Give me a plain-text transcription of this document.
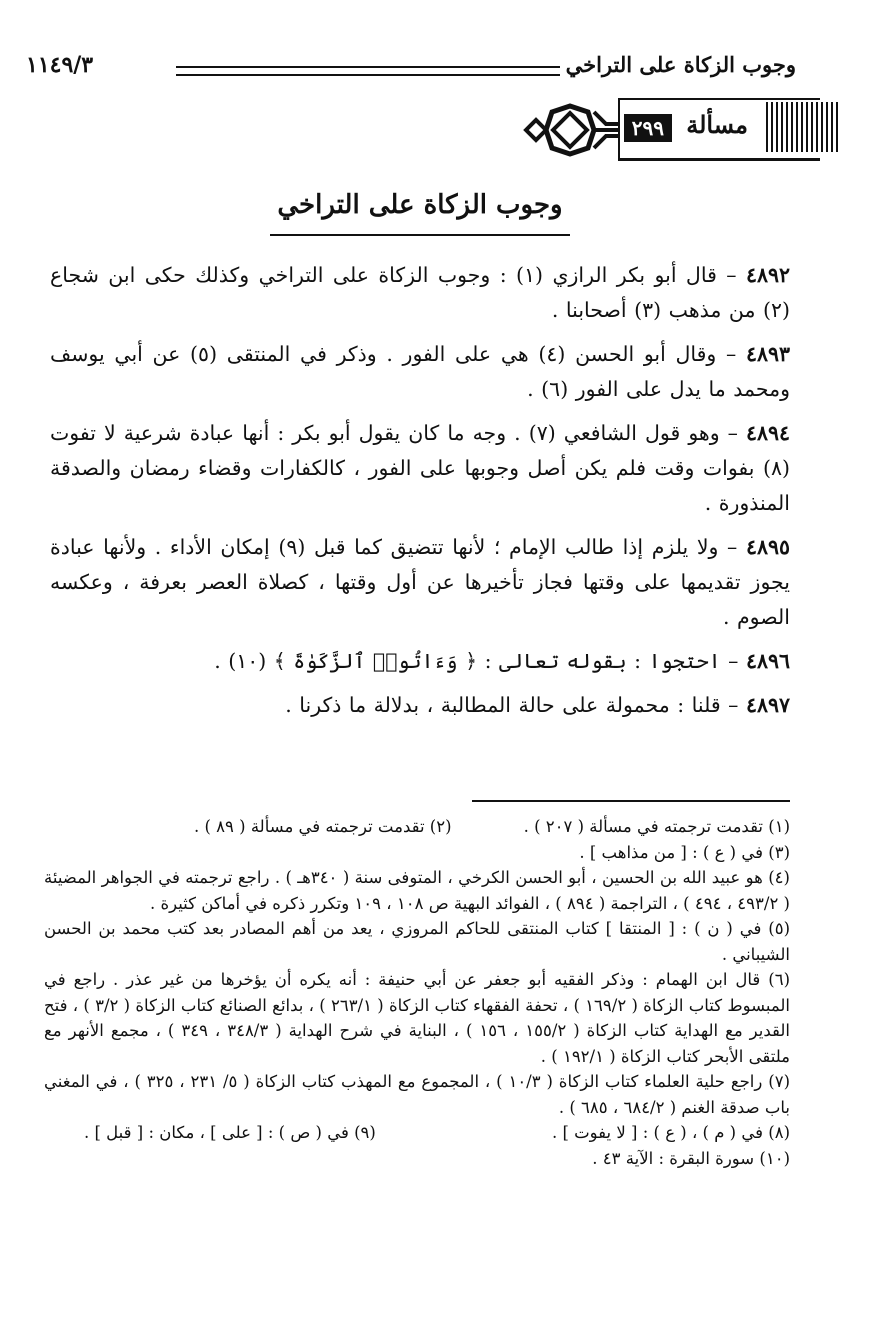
وجوب الزكاة على التراخي
١١٤٩/٣
مسألة
٢٩٩
وجوب الزكاة على التراخي

٤٨٩٢ – قال أبو بكر الرازي (١) : وجوب الزكاة على التراخي وكذلك حكى ابن شجاع (٢) من مذهب (٣) أصحابنا .

٤٨٩٣ – وقال أبو الحسن (٤) هي على الفور . وذكر في المنتقى (٥) عن أبي يوسف ومحمد ما يدل على الفور (٦) .

٤٨٩٤ – وهو قول الشافعي (٧) . وجه ما كان يقول أبو بكر : أنها عبادة شرعية لا تفوت (٨) بفوات وقت فلم يكن أصل وجوبها على الفور ، كالكفارات وقضاء رمضان والصدقة المنذورة .

٤٨٩٥ – ولا يلزم إذا طالب الإمام ؛ لأنها تتضيق كما قبل (٩) إمكان الأداء . ولأنها عبادة يجوز تقديمها على وقتها فجاز تأخيرها عن أول وقتها ، كصلاة العصر بعرفة ، وعكسه الصوم .

٤٨٩٦ – احتجوا : بقوله تعالى : ﴿ وَءَاتُوا۟ ٱلزَّكَوٰةَ ﴾ (١٠) .

٤٨٩٧ – قلنا : محمولة على حالة المطالبة ، بدلالة ما ذكرنا .

(١) تقدمت ترجمته في مسألة ( ٢٠٧ ) .

(٢) تقدمت ترجمته في مسألة ( ٨٩ ) .

(٣) في ( ع ) : [ من مذاهب ] .

(٤) هو عبيد الله بن الحسين ، أبو الحسن الكرخي ، المتوفى سنة ( ٣٤٠هـ ) . راجع ترجمته في الجواهر المضيئة ( ٤٩٣/٢ ، ٤٩٤ ) ، التراجمة ( ٨٩٤ ) ، الفوائد البهية ص ١٠٨ ، ١٠٩ وتكرر ذكره في أماكن كثيرة .

(٥) في ( ن ) : [ المنتقا ] كتاب المنتقى للحاكم المروزي ، يعد من أهم المصادر بعد كتب محمد بن الحسن الشيباني .

(٦) قال ابن الهمام : وذكر الفقيه أبو جعفر عن أبي حنيفة : أنه يكره أن يؤخرها من غير عذر . راجع في المبسوط كتاب الزكاة ( ١٦٩/٢ ) ، تحفة الفقهاء كتاب الزكاة ( ٢٦٣/١ ) ، بدائع الصنائع كتاب الزكاة ( ٣/٢ ) ، فتح القدير مع الهداية كتاب الزكاة ( ١٥٥/٢ ، ١٥٦ ) ، البناية في شرح الهداية ( ٣٤٨/٣ ، ٣٤٩ ) ، مجمع الأنهر مع ملتقى الأبحر كتاب الزكاة ( ١٩٢/١ ) .

(٧) راجع حلية العلماء كتاب الزكاة ( ١٠/٣ ) ، المجموع مع المهذب كتاب الزكاة ( ٥/ ٢٣١ ، ٣٢٥ ) ، في المغني باب صدقة الغنم ( ٦٨٤/٢ ، ٦٨٥ ) .

(٨) في ( م ) ، ( ع ) : [ لا يفوت ] .

(٩) في ( ص ) : [ على ] ، مكان : [ قبل ] .

(١٠) سورة البقرة : الآية ٤٣ .
